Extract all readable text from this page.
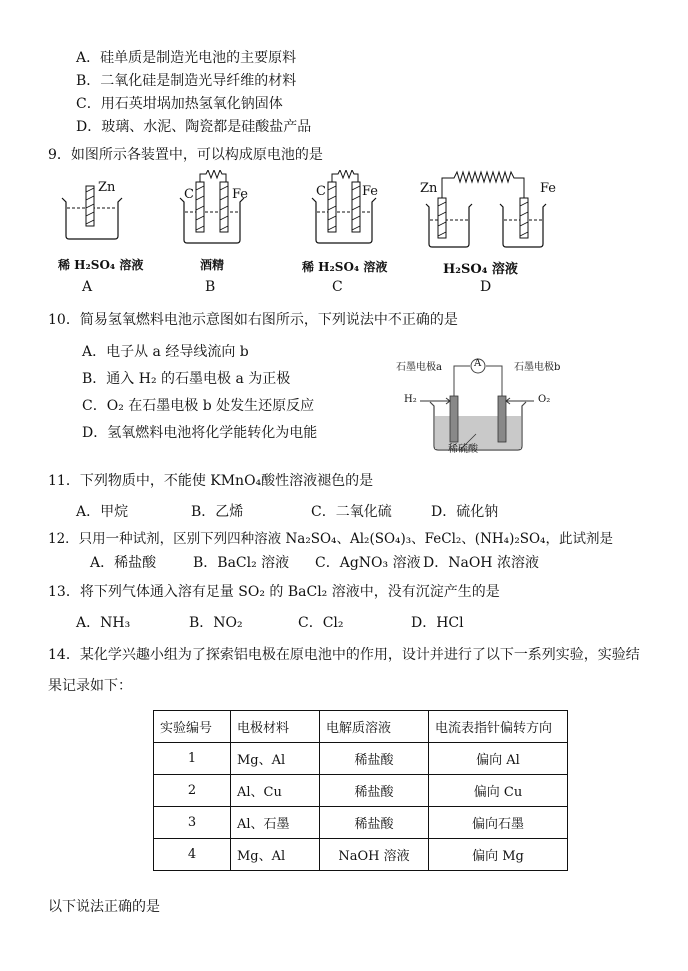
A．硅单质是制造光电池的主要原料
B．二氧化硅是制造光导纤维的材料
C．用石英坩埚加热氢氧化钠固体
D．玻璃、水泥、陶瓷都是硅酸盐产品
9．如图所示各装置中，可以构成原电池的是
Zn
稀 H₂SO₄ 溶液
A
C	Fe
酒精
B
C	Fe
稀 H₂SO₄ 溶液
C
Zn	Fe
H₂SO₄ 溶液
D
10．简易氢氧燃料电池示意图如右图所示，下列说法中不正确的是
A．电子从 a 经导线流向 b
B．通入 H₂ 的石墨电极 a 为正极
C．O₂ 在石墨电极 b 处发生还原反应
D．氢氧燃料电池将化学能转化为电能
A
石墨电极a	石墨电极b
H₂	O₂
稀硫酸
11．下列物质中，不能使 KMnO₄酸性溶液褪色的是
A．甲烷	B．乙烯	C．二氧化硫	D．硫化钠
12．只用一种试剂，区别下列四种溶液 Na₂SO₄、Al₂(SO₄)₃、FeCl₂、(NH₄)₂SO₄，此试剂是
A．稀盐酸	B．BaCl₂ 溶液 C．AgNO₃ 溶液 D．NaOH 浓溶液
13．将下列气体通入溶有足量 SO₂ 的 BaCl₂ 溶液中，没有沉淀产生的是
A．NH₃	B．NO₂	C．Cl₂	D．HCl
14．某化学兴趣小组为了探索铝电极在原电池中的作用，设计并进行了以下一系列实验，实验结
果记录如下：
实验编号	电极材料	电解质溶液	电流表指针偏转方向
1	Mg、Al	稀盐酸	偏向 Al
2	Al、Cu	稀盐酸	偏向 Cu
3	Al、石墨	稀盐酸	偏向石墨
4	Mg、Al	NaOH 溶液	偏向 Mg
以下说法正确的是
